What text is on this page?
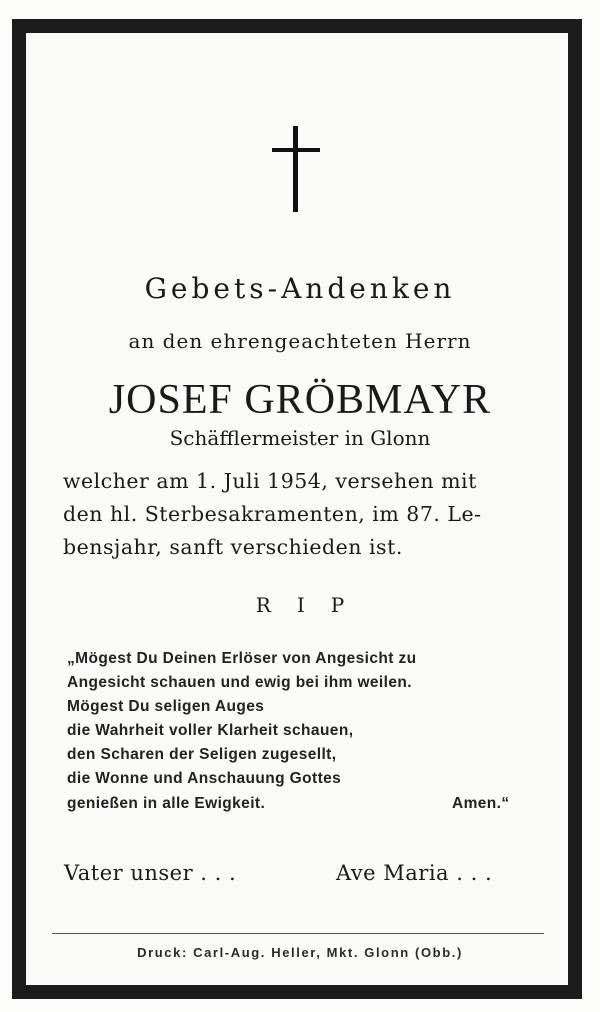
Gebets-Andenken
an den ehrengeachteten Herrn
JOSEF GRÖBMAYR
Schäfflermeister in Glonn
welcher am 1. Juli 1954, versehen mit
den hl. Sterbesakramenten, im 87. Le-
bensjahr, sanft verschieden ist.
R I P
„Mögest Du Deinen Erlöser von Angesicht zu
Angesicht schauen und ewig bei ihm weilen.
Mögest Du seligen Auges
die Wahrheit voller Klarheit schauen,
den Scharen der Seligen zugesellt,
die Wonne und Anschauung Gottes
genießen in alle Ewigkeit.	Amen.“
Vater unser . . .	Ave Maria . . .
Druck: Carl-Aug. Heller, Mkt. Glonn (Obb.)
